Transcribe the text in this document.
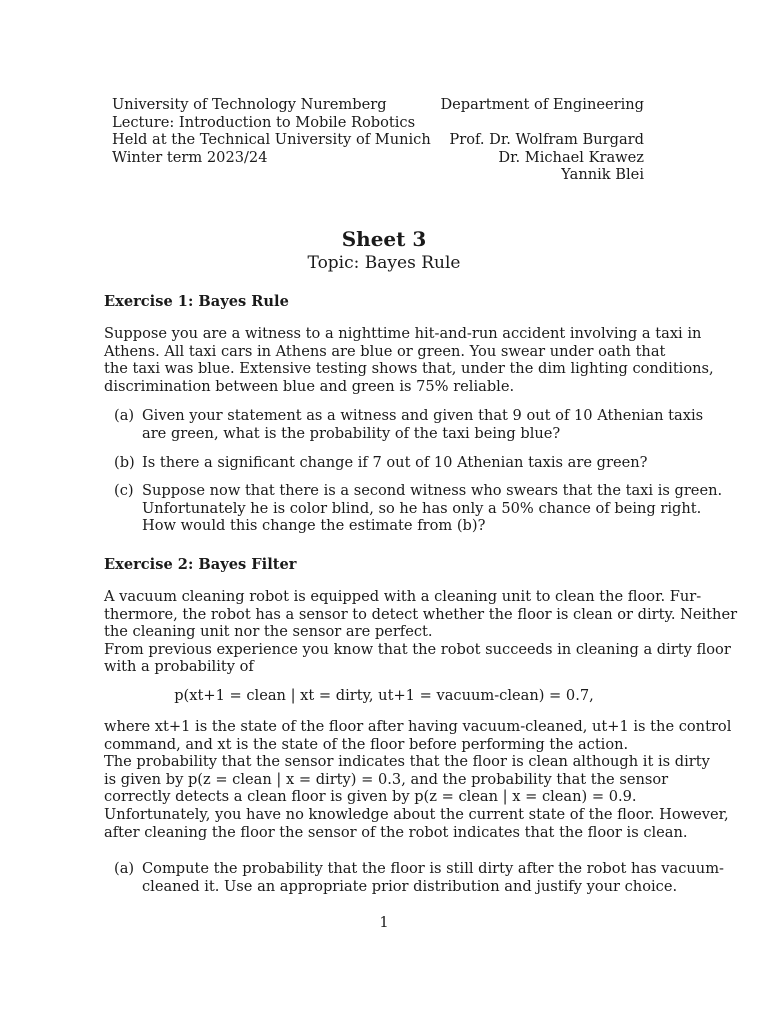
University of Technology Nuremberg
Lecture: Introduction to Mobile Robotics
Held at the Technical University of Munich
Winter term 2023/24
Department of Engineering
Prof. Dr. Wolfram Burgard
Dr. Michael Krawez
Yannik Blei
Sheet 3
Topic: Bayes Rule
Exercise 1: Bayes Rule
Suppose you are a witness to a nighttime hit-and-run accident involving a taxi in
Athens. All taxi cars in Athens are blue or green. You swear under oath that
the taxi was blue. Extensive testing shows that, under the dim lighting conditions,
discrimination between blue and green is 75% reliable.
(a) Given your statement as a witness and given that 9 out of 10 Athenian taxis
are green, what is the probability of the taxi being blue?
(b) Is there a significant change if 7 out of 10 Athenian taxis are green?
(c) Suppose now that there is a second witness who swears that the taxi is green.
Unfortunately he is color blind, so he has only a 50% chance of being right.
How would this change the estimate from (b)?
Exercise 2: Bayes Filter
A vacuum cleaning robot is equipped with a cleaning unit to clean the floor. Fur-
thermore, the robot has a sensor to detect whether the floor is clean or dirty. Neither
the cleaning unit nor the sensor are perfect.
From previous experience you know that the robot succeeds in cleaning a dirty floor
with a probability of
p(xt+1 = clean | xt = dirty, ut+1 = vacuum-clean) = 0.7,
where xt+1 is the state of the floor after having vacuum-cleaned, ut+1 is the control
command, and xt is the state of the floor before performing the action.
The probability that the sensor indicates that the floor is clean although it is dirty
is given by p(z = clean | x = dirty) = 0.3, and the probability that the sensor
correctly detects a clean floor is given by p(z = clean | x = clean) = 0.9.
Unfortunately, you have no knowledge about the current state of the floor. However,
after cleaning the floor the sensor of the robot indicates that the floor is clean.
(a) Compute the probability that the floor is still dirty after the robot has vacuum-
cleaned it. Use an appropriate prior distribution and justify your choice.
1
